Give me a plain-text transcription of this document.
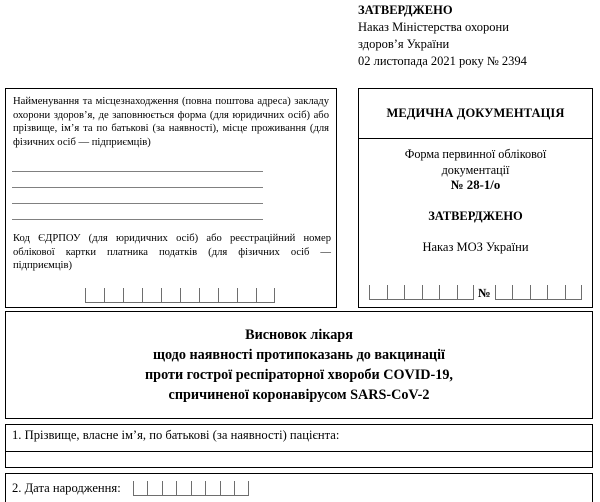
ЗАТВЕРДЖЕНО
Наказ Міністерства охорони
здоров’я України
02 листопада 2021 року № 2394
Найменування та місцезнаходження (повна поштова адреса) закладу охорони здоров’я, де заповнюється форма (для юридичних осіб) або прізвище, ім’я та по батькові (за наявності), місце проживання (для фізичних осіб — підприємців)
Код ЄДРПОУ (для юридичних осіб) або реєстраційний номер облікової картки платника податків (для фізичних осіб — підприємців)
МЕДИЧНА ДОКУМЕНТАЦІЯ
Форма первинної облікової
документації
№ 28-1/о
ЗАТВЕРДЖЕНО
Наказ МОЗ України
№
Висновок лікаря
щодо наявності протипоказань до вакцинації
проти гострої респіраторної хвороби COVID-19,
спричиненої коронавірусом SARS-CoV-2
1. Прізвище, власне ім’я, по батькові (за наявності) пацієнта:
2. Дата народження:
